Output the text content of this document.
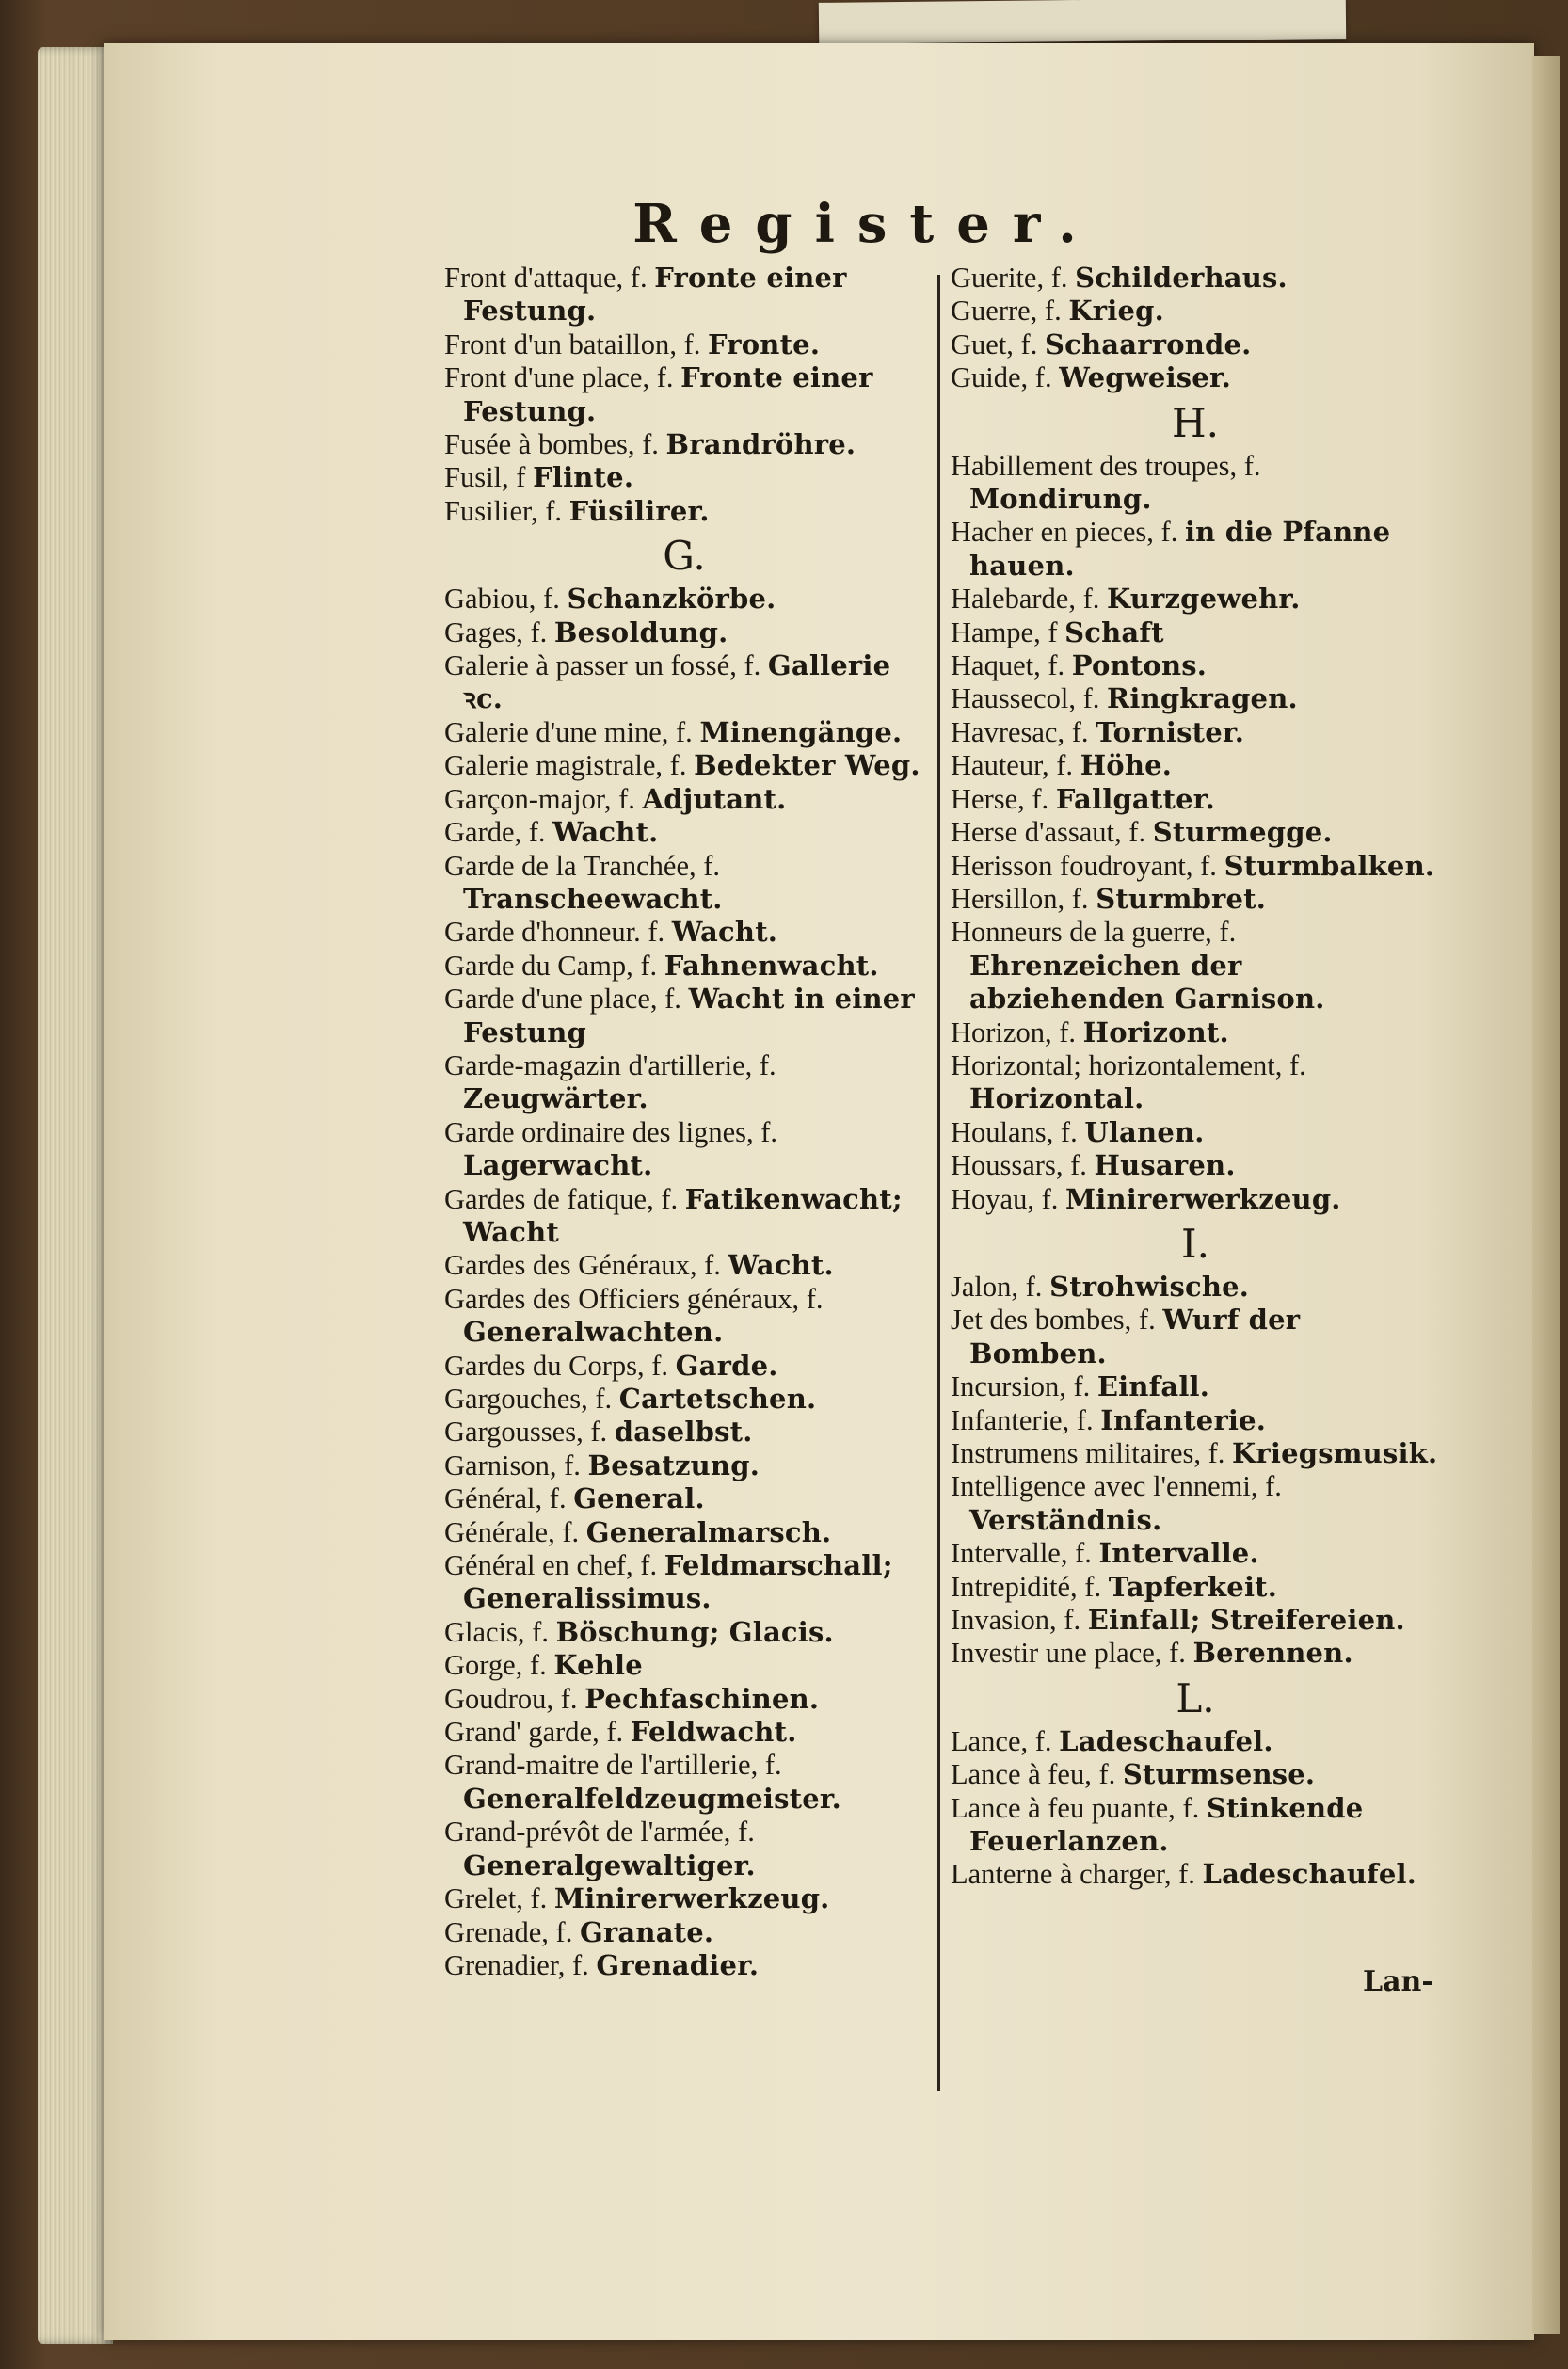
Register.

Front d'attaque, f. Fronte einer Festung.

Front d'un bataillon, f. Fronte.

Front d'une place, f. Fronte einer Festung.

Fusée à bombes, f. Brandröhre.

Fusil, f Flinte.

Fusilier, f. Füsilirer.

G.

Gabiou, f. Schanzkörbe.

Gages, f. Besoldung.

Galerie à passer un fossé, f. Gallerie ꝛc.

Galerie d'une mine, f. Minengänge.

Galerie magistrale, f. Bedekter Weg.

Garçon-major, f. Adjutant.

Garde, f. Wacht.

Garde de la Tranchée, f. Transcheewacht.

Garde d'honneur. f. Wacht.

Garde du Camp, f. Fahnenwacht.

Garde d'une place, f. Wacht in einer Festung

Garde-magazin d'artillerie, f. Zeugwärter.

Garde ordinaire des lignes, f. Lagerwacht.

Gardes de fatique, f. Fatikenwacht; Wacht

Gardes des Généraux, f. Wacht.

Gardes des Officiers généraux, f. Generalwachten.

Gardes du Corps, f. Garde.

Gargouches, f. Cartetschen.

Gargousses, f. daselbst.

Garnison, f. Besatzung.

Général, f. General.

Générale, f. Generalmarsch.

Général en chef, f. Feldmarschall; Generalissimus.

Glacis, f. Böschung; Glacis.

Gorge, f. Kehle

Goudrou, f. Pechfaschinen.

Grand' garde, f. Feldwacht.

Grand-maitre de l'artillerie, f. Generalfeldzeugmeister.

Grand-prévôt de l'armée, f. Generalgewaltiger.

Grelet, f. Minirerwerkzeug.

Grenade, f. Granate.

Grenadier, f. Grenadier.

Guerite, f. Schilderhaus.

Guerre, f. Krieg.

Guet, f. Schaarronde.

Guide, f. Wegweiser.

H.

Habillement des troupes, f. Mondirung.

Hacher en pieces, f. in die Pfanne hauen.

Halebarde, f. Kurzgewehr.

Hampe, f Schaft

Haquet, f. Pontons.

Haussecol, f. Ringkragen.

Havresac, f. Tornister.

Hauteur, f. Höhe.

Herse, f. Fallgatter.

Herse d'assaut, f. Sturmegge.

Herisson foudroyant, f. Sturmbalken.

Hersillon, f. Sturmbret.

Honneurs de la guerre, f. Ehrenzeichen der abziehenden Garnison.

Horizon, f. Horizont.

Horizontal; horizontalement, f. Horizontal.

Houlans, f. Ulanen.

Houssars, f. Husaren.

Hoyau, f. Minirerwerkzeug.

I.

Jalon, f. Strohwische.

Jet des bombes, f. Wurf der Bomben.

Incursion, f. Einfall.

Infanterie, f. Infanterie.

Instrumens militaires, f. Kriegsmusik.

Intelligence avec l'ennemi, f. Verständnis.

Intervalle, f. Intervalle.

Intrepidité, f. Tapferkeit.

Invasion, f. Einfall; Streifereien.

Investir une place, f. Berennen.

L.

Lance, f. Ladeschaufel.

Lance à feu, f. Sturmsense.

Lance à feu puante, f. Stinkende Feuerlanzen.

Lanterne à charger, f. Ladeschaufel.

Lan-
